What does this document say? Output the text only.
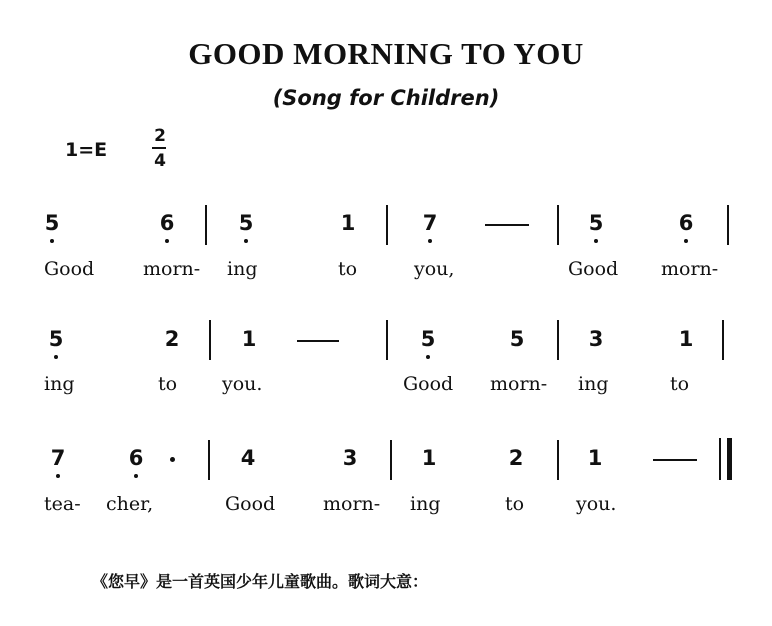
GOOD MORNING TO YOU
(Song for Children)
1=E
2
4
5	6	5	1	7	5	6
Good	morn- ing	to	you,	Good morn-
5	2	1	5	5	3	1
ing	to you.	Good morn- ing	to
7	6	4	3	1	2	1
tea- cher,	Good	morn- ing	to	you.
《您早》是一首英国少年儿童歌曲。歌词大意：
